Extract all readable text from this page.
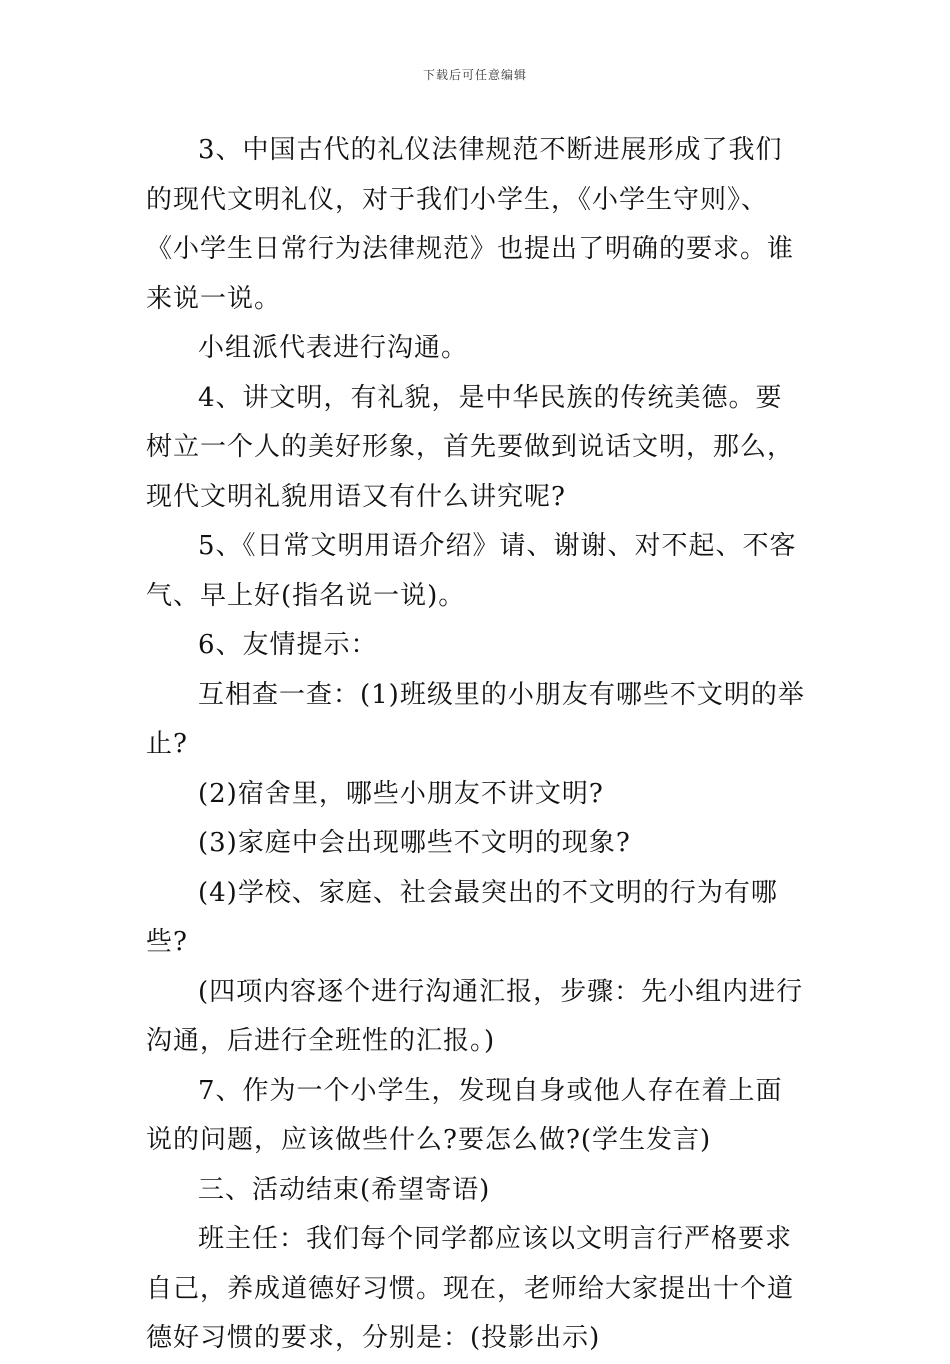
下载后可任意编辑

3、中国古代的礼仪法律规范不断进展形成了我们的现代文明礼仪，对于我们小学生，《小学生守则》、《小学生日常行为法律规范》也提出了明确的要求。谁来说一说。

小组派代表进行沟通。

4、讲文明，有礼貌，是中华民族的传统美德。要树立一个人的美好形象，首先要做到说话文明，那么，现代文明礼貌用语又有什么讲究呢?

5、《日常文明用语介绍》请、谢谢、对不起、不客气、早上好(指名说一说)。

6、友情提示：

互相查一查：(1)班级里的小朋友有哪些不文明的举止?

(2)宿舍里，哪些小朋友不讲文明?

(3)家庭中会出现哪些不文明的现象?

(4)学校、家庭、社会最突出的不文明的行为有哪些?

(四项内容逐个进行沟通汇报，步骤：先小组内进行沟通，后进行全班性的汇报。)

7、作为一个小学生，发现自身或他人存在着上面说的问题，应该做些什么?要怎么做?(学生发言)

三、活动结束(希望寄语)

班主任：我们每个同学都应该以文明言行严格要求自己，养成道德好习惯。现在，老师给大家提出十个道德好习惯的要求，分别是：(投影出示)
